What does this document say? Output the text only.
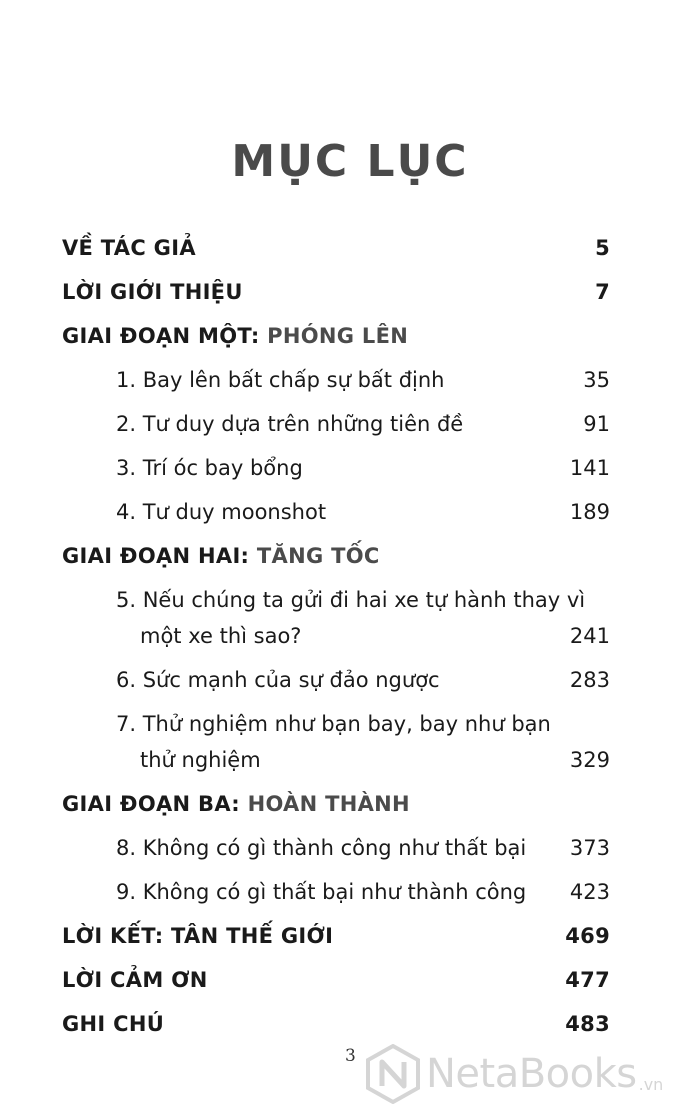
MỤC LỤC
VỀ TÁC GIẢ	5
LỜI GIỚI THIỆU	7
GIAI ĐOẠN MỘT: PHÓNG LÊN
1. Bay lên bất chấp sự bất định	35
2. Tư duy dựa trên những tiên đề	91
3. Trí óc bay bổng	141
4. Tư duy moonshot	189
GIAI ĐOẠN HAI: TĂNG TỐC
5. Nếu chúng ta gửi đi hai xe tự hành thay vì
một xe thì sao?	241
6. Sức mạnh của sự đảo ngược	283
7. Thử nghiệm như bạn bay, bay như bạn
thử nghiệm	329
GIAI ĐOẠN BA: HOÀN THÀNH
8. Không có gì thành công như thất bại 373
9. Không có gì thất bại như thành công 423
LỜI KẾT: TÂN THẾ GIỚI	469
LỜI CẢM ƠN	477
GHI CHÚ	483
3 NetaBooks .vn
